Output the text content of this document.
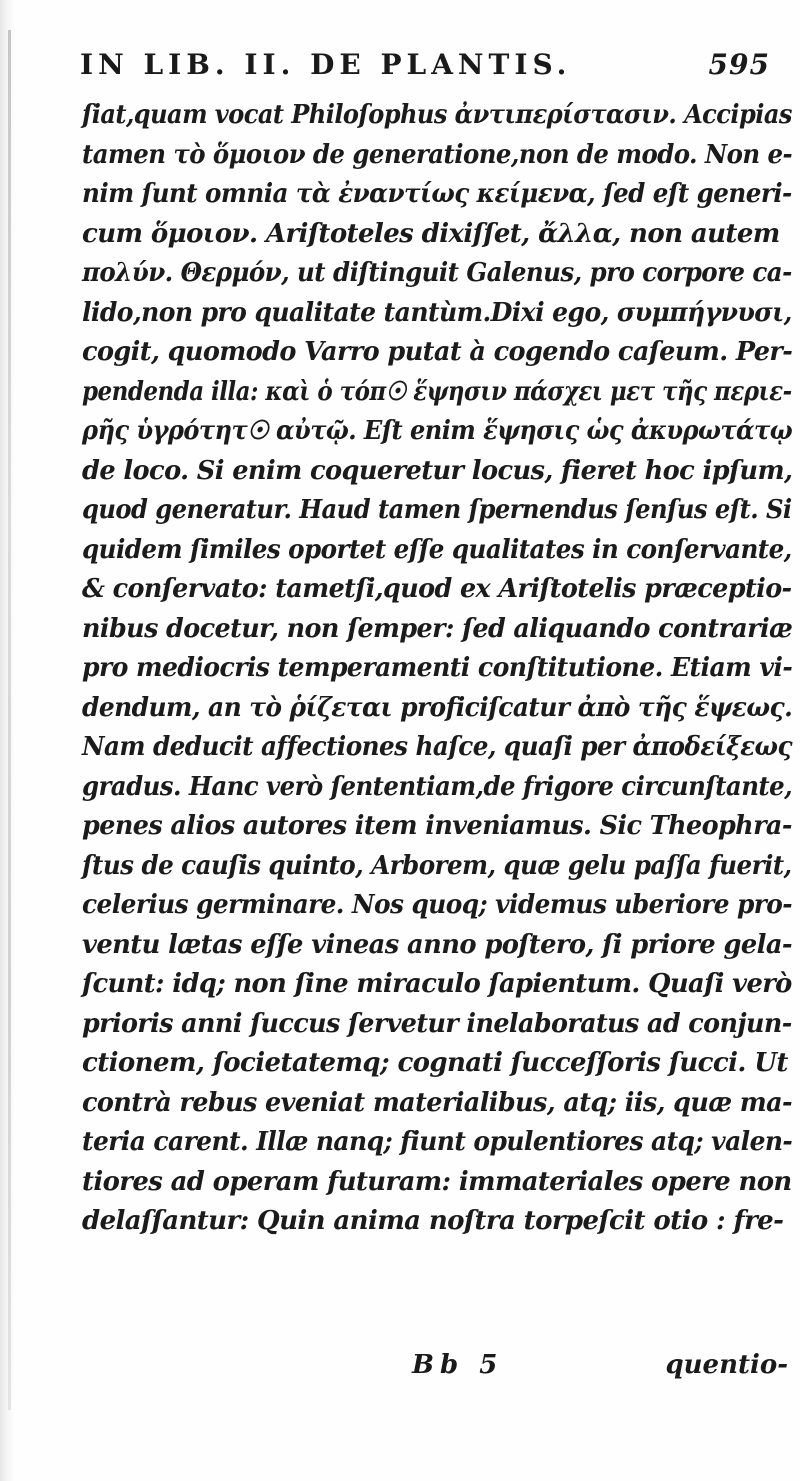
IN LIB. II. DE PLANTIS.	595
ſiat,quam vocat Philoſophus ἀντιπερίστασιν. Accipias tamen τὸ ὅμοιον de generatione,non de modo. Non e- nim ſunt omnia τὰ ἐναντίως κείμενα, ſed eſt generi-
cum ὅμοιον. Ariſtoteles dixiſſet, ἄλλα, non autem
πολύν. Θερμόν, ut diſtinguit Galenus, pro corpore ca- lido,non pro qualitate tantùm.Dixi ego, συμπήγνυσι, cogit, quomodo Varro putat à cogendo caſeum. Per- pendenda illa: καὶ ὁ τόπ☉ ἕψησιν πάσχει μετ τῆς περιε- ρῆς ὑγρότητ☉ αὐτῷ. Eſt enim ἕψησις ὡς ἀκυρωτάτῳ de loco. Si enim coqueretur locus, fieret hoc ipſum, quod generatur. Haud tamen ſpernendus ſenſus eſt. Si quidem ſimiles oportet eſſe qualitates in conſervante, & conſervato: tametſi,quod ex Ariſtotelis præceptio- nibus docetur, non ſemper: ſed aliquando contrariæ pro mediocris temperamenti conſtitutione. Etiam vi- dendum, an τὸ ῥίζεται proficiſcatur ἀπὸ τῆς ἕψεως. Nam deducit affectiones haſce, quaſi per ἀποδείξεως gradus. Hanc verò ſententiam,de frigore circunſtante, penes alios autores item inveniamus. Sic Theophra- ſtus de cauſis quinto, Arborem, quæ gelu paſſa fuerit, celerius germinare. Nos quoq; videmus uberiore pro- ventu lætas eſſe vineas anno poſtero, ſi priore gela- ſcunt: idq; non ſine miraculo ſapientum. Quaſi verò prioris anni ſuccus ſervetur inelaboratus ad conjun-
ctionem, ſocietatemq; cognati ſucceſſoris ſucci. Ut
contrà rebus eveniat materialibus, atq; iis, quæ ma- teria carent. Illæ nanq; fiunt opulentiores atq; valen- tiores ad operam futuram: immateriales opere non
delaſſantur: Quin anima noſtra torpeſcit otio : fre-
Bb 5	quentio-
